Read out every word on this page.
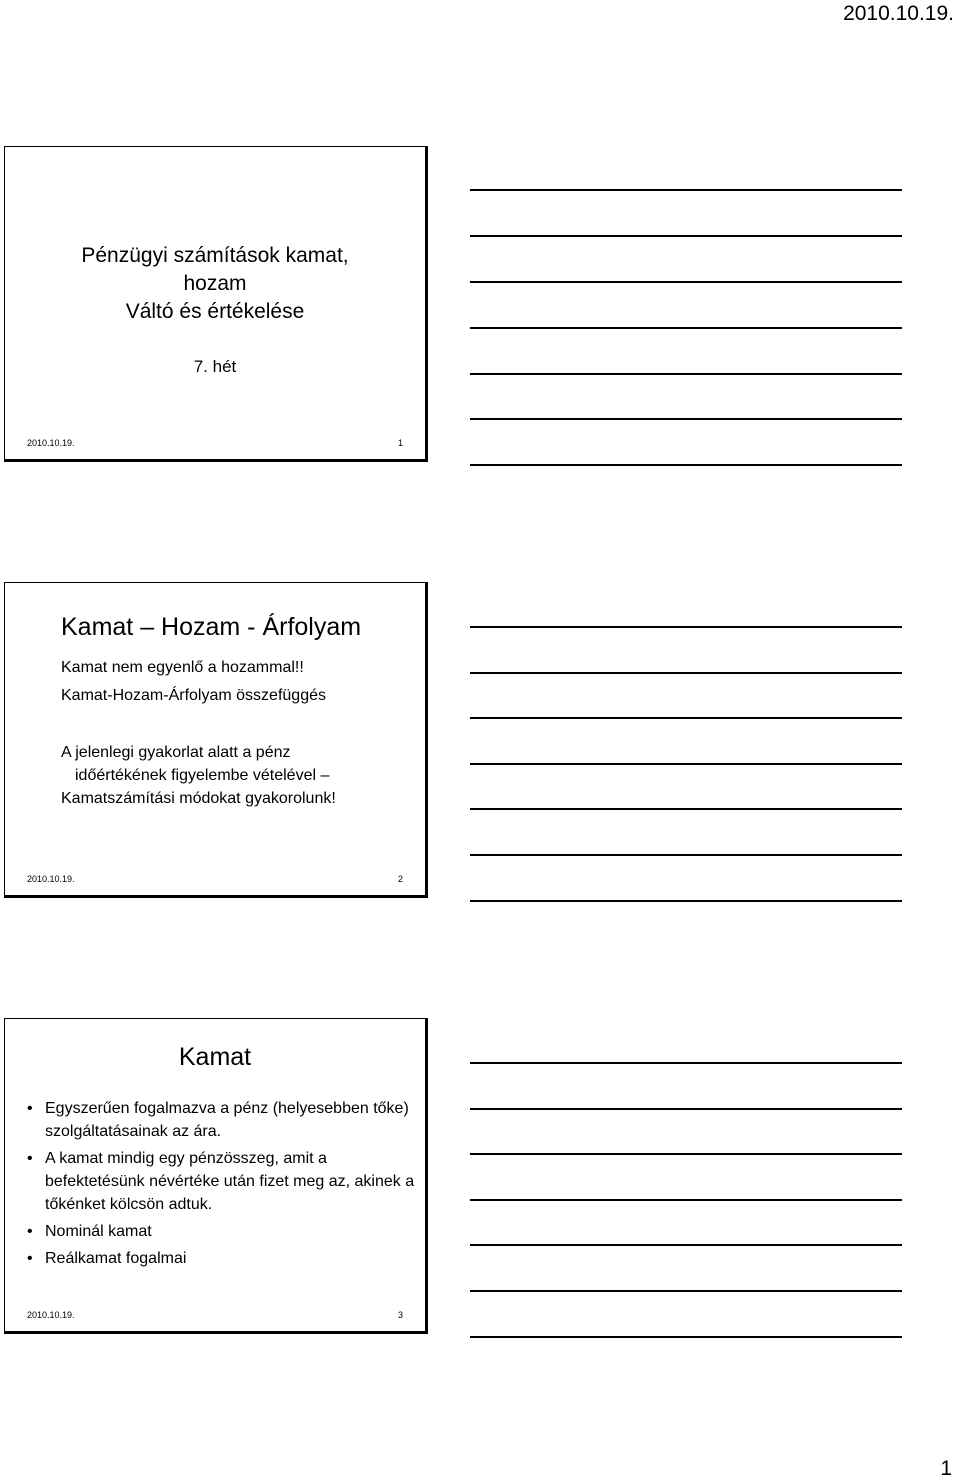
2010.10.19.
Pénzügyi számítások kamat,
hozam
Váltó és értékelése
7. hét
2010.10.19.	1
Kamat – Hozam - Árfolyam
Kamat nem egyenlő a hozammal!!
Kamat-Hozam-Árfolyam összefüggés
A jelenlegi gyakorlat alatt a pénz
időértékének figyelembe vételével –
Kamatszámítási módokat gyakorolunk!
2010.10.19.	2
Kamat
• Egyszerűen fogalmazva a pénz (helyesebben tőke) szolgáltatásainak az ára.
• A kamat mindig egy pénzösszeg, amit a befektetésünk névértéke után fizet meg az, akinek a tőkénket kölcsön adtuk.
• Nominál kamat
• Reálkamat fogalmai
2010.10.19.	3
1
